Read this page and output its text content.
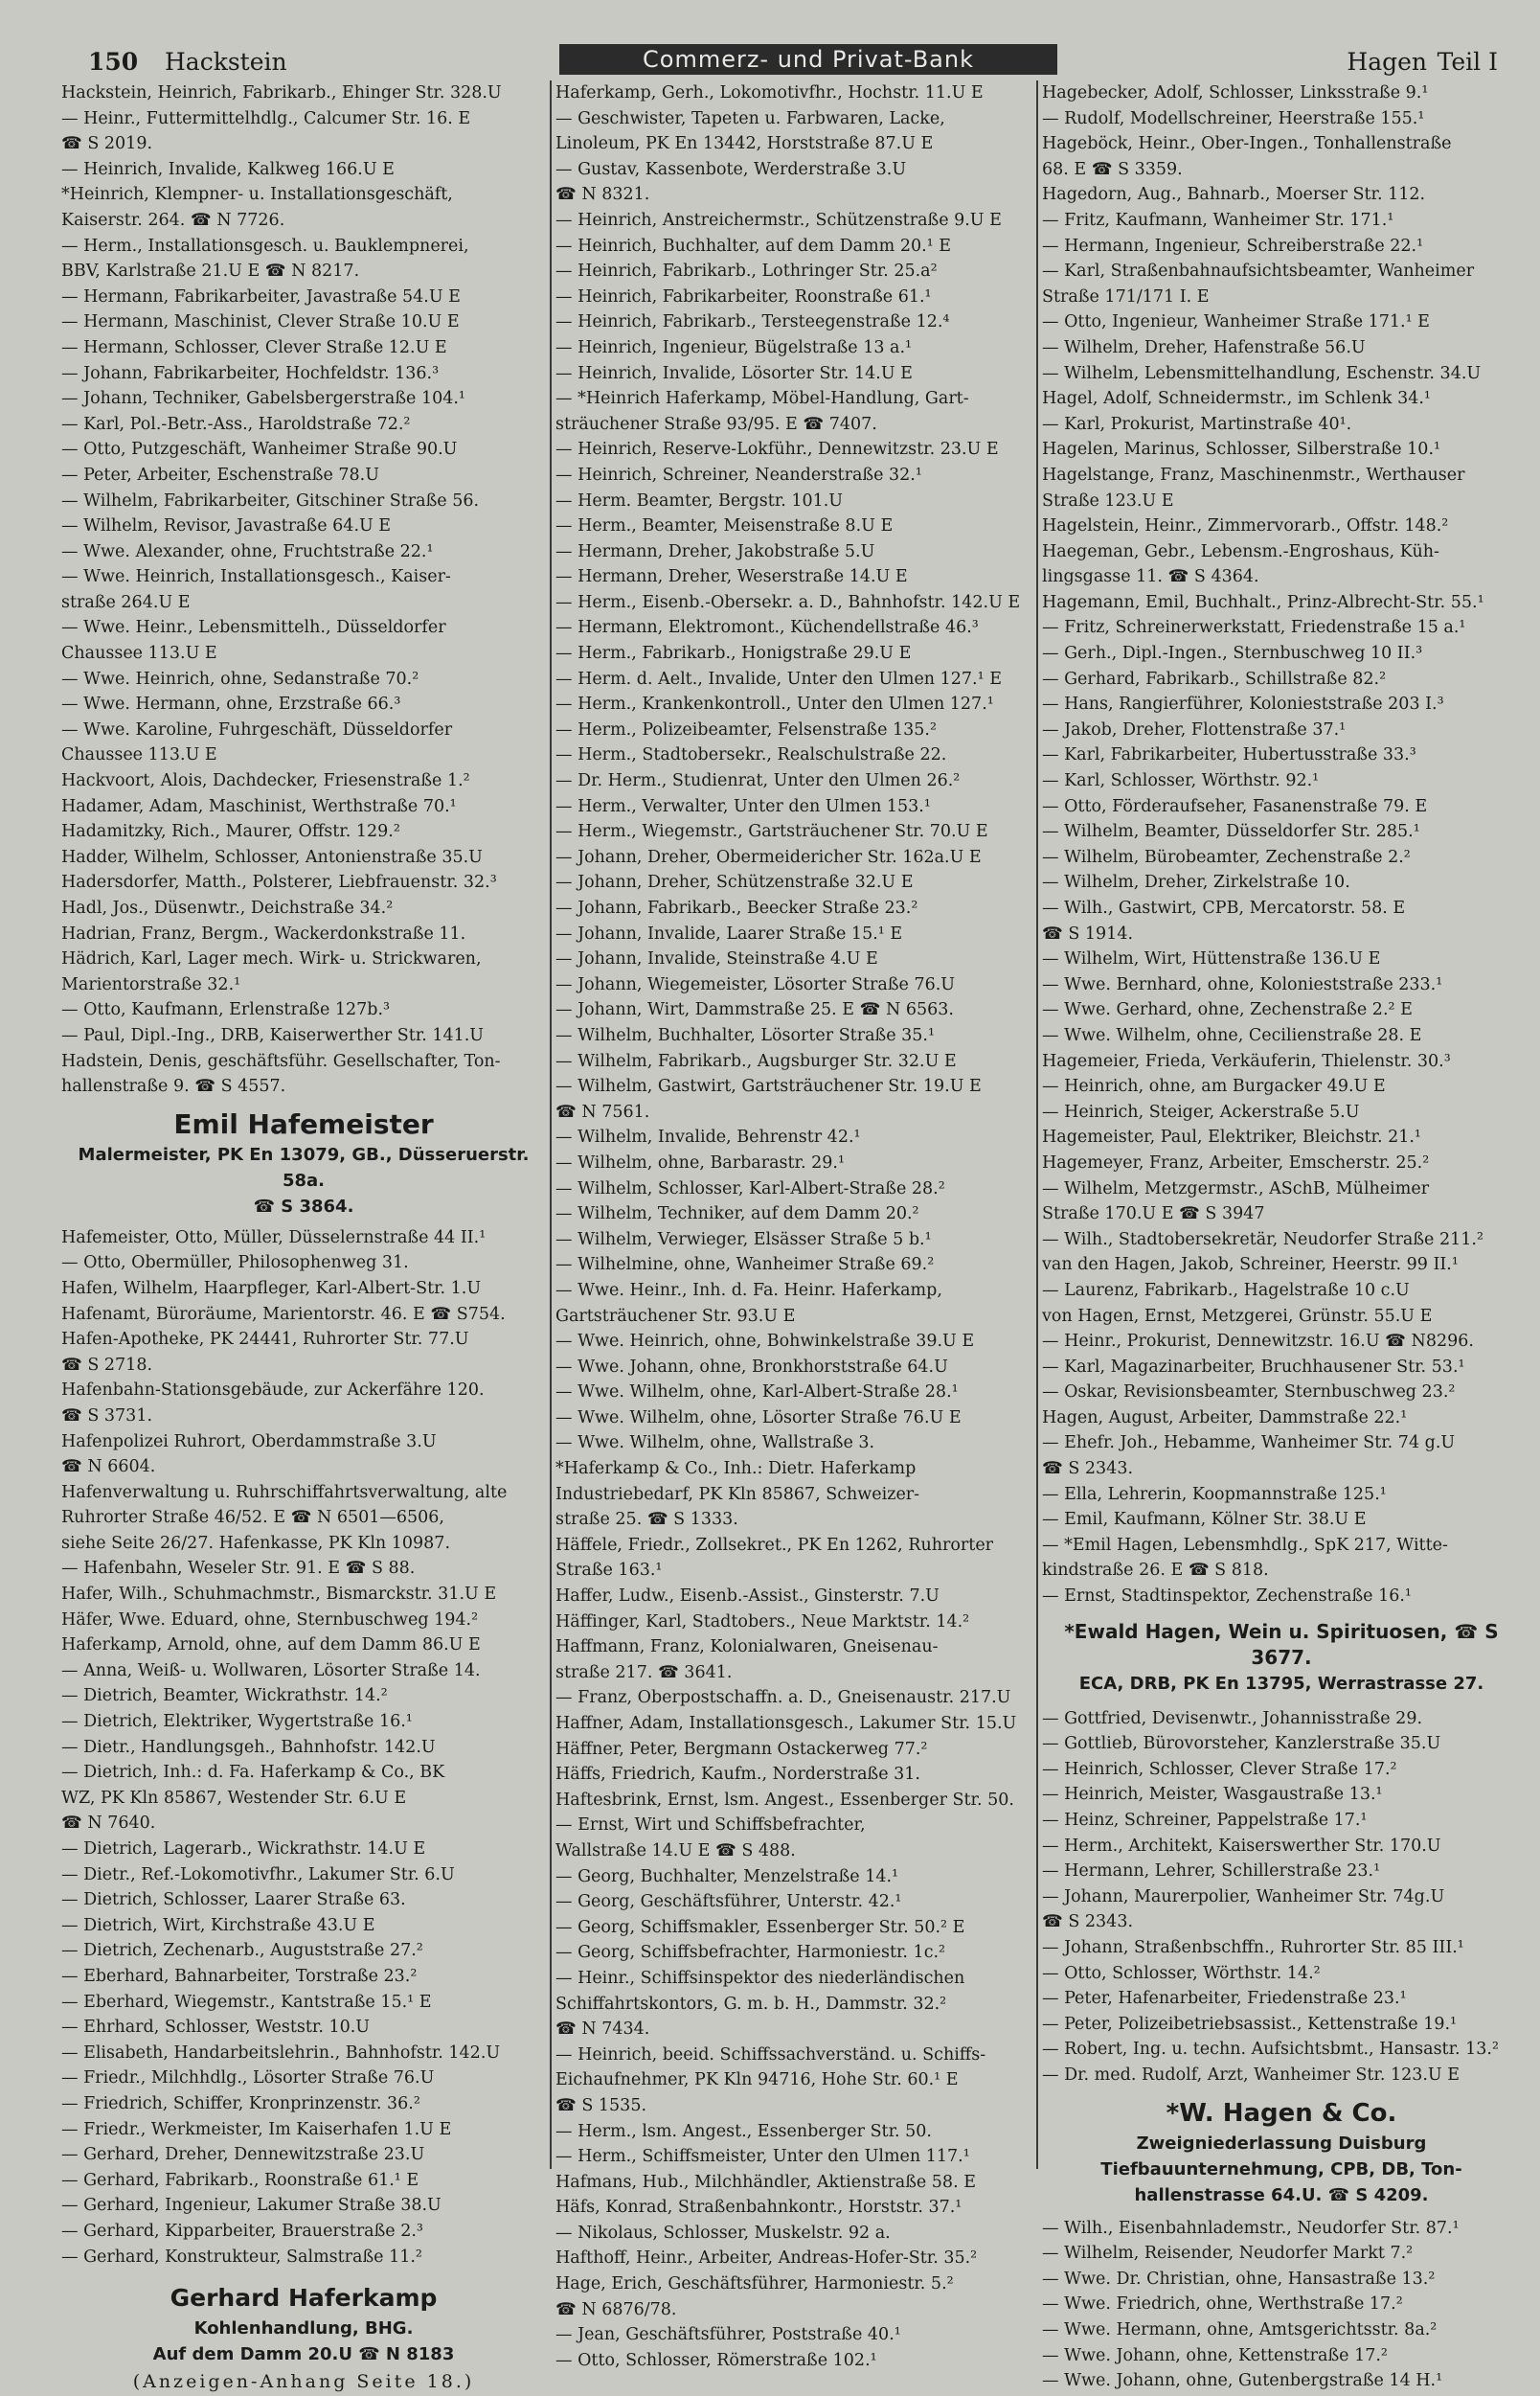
150 Hackstein	Commerz- und Privat-Bank	Hagen Teil I
Hackstein, Heinrich, Fabrikarb., Ehinger Str. 328.U
— Heinr., Futtermittelhdlg., Calcumer Str. 16. E
☎ S 2019.
— Heinrich, Invalide, Kalkweg 166.U E
*Heinrich, Klempner- u. Installationsgeschäft,
Kaiserstr. 264. ☎ N 7726.
— Herm., Installationsgesch. u. Bauklempnerei,
BBV, Karlstraße 21.U E ☎ N 8217.
— Hermann, Fabrikarbeiter, Javastraße 54.U E
— Hermann, Maschinist, Clever Straße 10.U E
— Hermann, Schlosser, Clever Straße 12.U E
— Johann, Fabrikarbeiter, Hochfeldstr. 136.³
— Johann, Techniker, Gabelsbergerstraße 104.¹
— Karl, Pol.-Betr.-Ass., Haroldstraße 72.²
— Otto, Putzgeschäft, Wanheimer Straße 90.U
— Peter, Arbeiter, Eschenstraße 78.U
— Wilhelm, Fabrikarbeiter, Gitschiner Straße 56.
— Wilhelm, Revisor, Javastraße 64.U E
— Wwe. Alexander, ohne, Fruchtstraße 22.¹
— Wwe. Heinrich, Installationsgesch., Kaiser-
straße 264.U E
— Wwe. Heinr., Lebensmittelh., Düsseldorfer
Chaussee 113.U E
— Wwe. Heinrich, ohne, Sedanstraße 70.²
— Wwe. Hermann, ohne, Erzstraße 66.³
— Wwe. Karoline, Fuhrgeschäft, Düsseldorfer
Chaussee 113.U E
Hackvoort, Alois, Dachdecker, Friesenstraße 1.²
Hadamer, Adam, Maschinist, Werthstraße 70.¹
Hadamitzky, Rich., Maurer, Offstr. 129.²
Hadder, Wilhelm, Schlosser, Antonienstraße 35.U
Hadersdorfer, Matth., Polsterer, Liebfrauenstr. 32.³
Hadl, Jos., Düsenwtr., Deichstraße 34.²
Hadrian, Franz, Bergm., Wackerdonkstraße 11.
Hädrich, Karl, Lager mech. Wirk- u. Strickwaren,
Marientorstraße 32.¹
— Otto, Kaufmann, Erlenstraße 127b.³
— Paul, Dipl.-Ing., DRB, Kaiserwerther Str. 141.U
Hadstein, Denis, geschäftsführ. Gesellschafter, Ton-
hallenstraße 9. ☎ S 4557.
Emil Hafemeister
Malermeister, PK En 13079, GB., Düsseruerstr. 58a.
☎ S 3864.
Hafemeister, Otto, Müller, Düsselernstraße 44 II.¹
— Otto, Obermüller, Philosophenweg 31.
Hafen, Wilhelm, Haarpfleger, Karl-Albert-Str. 1.U
Hafenamt, Büroräume, Marientorstr. 46. E ☎ S754.
Hafen-Apotheke, PK 24441, Ruhrorter Str. 77.U
☎ S 2718.
Hafenbahn-Stationsgebäude, zur Ackerfähre 120.
☎ S 3731.
Hafenpolizei Ruhrort, Oberdammstraße 3.U
☎ N 6604.
Hafenverwaltung u. Ruhrschiffahrtsverwaltung, alte
Ruhrorter Straße 46/52. E ☎ N 6501—6506,
siehe Seite 26/27. Hafenkasse, PK Kln 10987.
— Hafenbahn, Weseler Str. 91. E ☎ S 88.
Hafer, Wilh., Schuhmachmstr., Bismarckstr. 31.U E
Häfer, Wwe. Eduard, ohne, Sternbuschweg 194.²
Haferkamp, Arnold, ohne, auf dem Damm 86.U E
— Anna, Weiß- u. Wollwaren, Lösorter Straße 14.
— Dietrich, Beamter, Wickrathstr. 14.²
— Dietrich, Elektriker, Wygertstraße 16.¹
— Dietr., Handlungsgeh., Bahnhofstr. 142.U
— Dietrich, Inh.: d. Fa. Haferkamp & Co., BK
WZ, PK Kln 85867, Westender Str. 6.U E
☎ N 7640.
— Dietrich, Lagerarb., Wickrathstr. 14.U E
— Dietr., Ref.-Lokomotivfhr., Lakumer Str. 6.U
— Dietrich, Schlosser, Laarer Straße 63.
— Dietrich, Wirt, Kirchstraße 43.U E
— Dietrich, Zechenarb., Auguststraße 27.²
— Eberhard, Bahnarbeiter, Torstraße 23.²
— Eberhard, Wiegemstr., Kantstraße 15.¹ E
— Ehrhard, Schlosser, Weststr. 10.U
— Elisabeth, Handarbeitslehrin., Bahnhofstr. 142.U
— Friedr., Milchhdlg., Lösorter Straße 76.U
— Friedrich, Schiffer, Kronprinzenstr. 36.²
— Friedr., Werkmeister, Im Kaiserhafen 1.U E
— Gerhard, Dreher, Dennewitzstraße 23.U
— Gerhard, Fabrikarb., Roonstraße 61.¹ E
— Gerhard, Ingenieur, Lakumer Straße 38.U
— Gerhard, Kipparbeiter, Brauerstraße 2.³
— Gerhard, Konstrukteur, Salmstraße 11.²
Gerhard Haferkamp
Kohlenhandlung, BHG.
Auf dem Damm 20.U ☎ N 8183
(Anzeigen-Anhang Seite 18.)
Haferkamp, Gerh., Lokomotivfhr., Hochstr. 11.U E
— Geschwister, Tapeten u. Farbwaren, Lacke,
Linoleum, PK En 13442, Horststraße 87.U E
— Gustav, Kassenbote, Werderstraße 3.U
☎ N 8321.
— Heinrich, Anstreichermstr., Schützenstraße 9.U E
— Heinrich, Buchhalter, auf dem Damm 20.¹ E
— Heinrich, Fabrikarb., Lothringer Str. 25.a²
— Heinrich, Fabrikarbeiter, Roonstraße 61.¹
— Heinrich, Fabrikarb., Tersteegenstraße 12.⁴
— Heinrich, Ingenieur, Bügelstraße 13 a.¹
— Heinrich, Invalide, Lösorter Str. 14.U E
— *Heinrich Haferkamp, Möbel-Handlung, Gart-
sträuchener Straße 93/95. E ☎ 7407.
— Heinrich, Reserve-Lokführ., Dennewitzstr. 23.U E
— Heinrich, Schreiner, Neanderstraße 32.¹
— Herm. Beamter, Bergstr. 101.U
— Herm., Beamter, Meisenstraße 8.U E
— Hermann, Dreher, Jakobstraße 5.U
— Hermann, Dreher, Weserstraße 14.U E
— Herm., Eisenb.-Obersekr. a. D., Bahnhofstr. 142.U E
— Hermann, Elektromont., Küchendellstraße 46.³
— Herm., Fabrikarb., Honigstraße 29.U E
— Herm. d. Aelt., Invalide, Unter den Ulmen 127.¹ E
— Herm., Krankenkontroll., Unter den Ulmen 127.¹
— Herm., Polizeibeamter, Felsenstraße 135.²
— Herm., Stadtobersekr., Realschulstraße 22.
— Dr. Herm., Studienrat, Unter den Ulmen 26.²
— Herm., Verwalter, Unter den Ulmen 153.¹
— Herm., Wiegemstr., Gartsträuchener Str. 70.U E
— Johann, Dreher, Obermeidericher Str. 162a.U E
— Johann, Dreher, Schützenstraße 32.U E
— Johann, Fabrikarb., Beecker Straße 23.²
— Johann, Invalide, Laarer Straße 15.¹ E
— Johann, Invalide, Steinstraße 4.U E
— Johann, Wiegemeister, Lösorter Straße 76.U
— Johann, Wirt, Dammstraße 25. E ☎ N 6563.
— Wilhelm, Buchhalter, Lösorter Straße 35.¹
— Wilhelm, Fabrikarb., Augsburger Str. 32.U E
— Wilhelm, Gastwirt, Gartsträuchener Str. 19.U E
☎ N 7561.
— Wilhelm, Invalide, Behrenstr 42.¹
— Wilhelm, ohne, Barbarastr. 29.¹
— Wilhelm, Schlosser, Karl-Albert-Straße 28.²
— Wilhelm, Techniker, auf dem Damm 20.²
— Wilhelm, Verwieger, Elsässer Straße 5 b.¹
— Wilhelmine, ohne, Wanheimer Straße 69.²
— Wwe. Heinr., Inh. d. Fa. Heinr. Haferkamp,
Gartsträuchener Str. 93.U E
— Wwe. Heinrich, ohne, Bohwinkelstraße 39.U E
— Wwe. Johann, ohne, Bronkhorststraße 64.U
— Wwe. Wilhelm, ohne, Karl-Albert-Straße 28.¹
— Wwe. Wilhelm, ohne, Lösorter Straße 76.U E
— Wwe. Wilhelm, ohne, Wallstraße 3.
*Haferkamp & Co., Inh.: Dietr. Haferkamp
Industriebedarf, PK Kln 85867, Schweizer-
straße 25. ☎ S 1333.
Häffele, Friedr., Zollsekret., PK En 1262, Ruhrorter
Straße 163.¹
Haffer, Ludw., Eisenb.-Assist., Ginsterstr. 7.U
Häffinger, Karl, Stadtobers., Neue Marktstr. 14.²
Haffmann, Franz, Kolonialwaren, Gneisenau-
straße 217. ☎ 3641.
— Franz, Oberpostschaffn. a. D., Gneisenaustr. 217.U
Haffner, Adam, Installationsgesch., Lakumer Str. 15.U
Häffner, Peter, Bergmann Ostackerweg 77.²
Häffs, Friedrich, Kaufm., Norderstraße 31.
Haftesbrink, Ernst, lsm. Angest., Essenberger Str. 50.
— Ernst, Wirt und Schiffsbefrachter,
Wallstraße 14.U E ☎ S 488.
— Georg, Buchhalter, Menzelstraße 14.¹
— Georg, Geschäftsführer, Unterstr. 42.¹
— Georg, Schiffsmakler, Essenberger Str. 50.² E
— Georg, Schiffsbefrachter, Harmoniestr. 1c.²
— Heinr., Schiffsinspektor des niederländischen
Schiffahrtskontors, G. m. b. H., Dammstr. 32.²
☎ N 7434.
— Heinrich, beeid. Schiffssachverständ. u. Schiffs-
Eichaufnehmer, PK Kln 94716, Hohe Str. 60.¹ E
☎ S 1535.
— Herm., lsm. Angest., Essenberger Str. 50.
— Herm., Schiffsmeister, Unter den Ulmen 117.¹
Hafmans, Hub., Milchhändler, Aktienstraße 58. E
Häfs, Konrad, Straßenbahnkontr., Horststr. 37.¹
— Nikolaus, Schlosser, Muskelstr. 92 a.
Hafthoff, Heinr., Arbeiter, Andreas-Hofer-Str. 35.²
Hage, Erich, Geschäftsführer, Harmoniestr. 5.²
☎ N 6876/78.
— Jean, Geschäftsführer, Poststraße 40.¹
— Otto, Schlosser, Römerstraße 102.¹
Hagebecker, Adolf, Schlosser, Linksstraße 9.¹
— Rudolf, Modellschreiner, Heerstraße 155.¹
Hageböck, Heinr., Ober-Ingen., Tonhallenstraße
68. E ☎ S 3359.
Hagedorn, Aug., Bahnarb., Moerser Str. 112.
— Fritz, Kaufmann, Wanheimer Str. 171.¹
— Hermann, Ingenieur, Schreiberstraße 22.¹
— Karl, Straßenbahnaufsichtsbeamter, Wanheimer
Straße 171/171 I. E
— Otto, Ingenieur, Wanheimer Straße 171.¹ E
— Wilhelm, Dreher, Hafenstraße 56.U
— Wilhelm, Lebensmittelhandlung, Eschenstr. 34.U
Hagel, Adolf, Schneidermstr., im Schlenk 34.¹
— Karl, Prokurist, Martinstraße 40¹.
Hagelen, Marinus, Schlosser, Silberstraße 10.¹
Hagelstange, Franz, Maschinenmstr., Werthauser
Straße 123.U E
Hagelstein, Heinr., Zimmervorarb., Offstr. 148.²
Haegeman, Gebr., Lebensm.-Engroshaus, Küh-
lingsgasse 11. ☎ S 4364.
Hagemann, Emil, Buchhalt., Prinz-Albrecht-Str. 55.¹
— Fritz, Schreinerwerkstatt, Friedenstraße 15 a.¹
— Gerh., Dipl.-Ingen., Sternbuschweg 10 II.³
— Gerhard, Fabrikarb., Schillstraße 82.²
— Hans, Rangierführer, Kolonieststraße 203 I.³
— Jakob, Dreher, Flottenstraße 37.¹
— Karl, Fabrikarbeiter, Hubertusstraße 33.³
— Karl, Schlosser, Wörthstr. 92.¹
— Otto, Förderaufseher, Fasanenstraße 79. E
— Wilhelm, Beamter, Düsseldorfer Str. 285.¹
— Wilhelm, Bürobeamter, Zechenstraße 2.²
— Wilhelm, Dreher, Zirkelstraße 10.
— Wilh., Gastwirt, CPB, Mercatorstr. 58. E
☎ S 1914.
— Wilhelm, Wirt, Hüttenstraße 136.U E
— Wwe. Bernhard, ohne, Kolonieststraße 233.¹
— Wwe. Gerhard, ohne, Zechenstraße 2.² E
— Wwe. Wilhelm, ohne, Cecilienstraße 28. E
Hagemeier, Frieda, Verkäuferin, Thielenstr. 30.³
— Heinrich, ohne, am Burgacker 49.U E
— Heinrich, Steiger, Ackerstraße 5.U
Hagemeister, Paul, Elektriker, Bleichstr. 21.¹
Hagemeyer, Franz, Arbeiter, Emscherstr. 25.²
— Wilhelm, Metzgermstr., ASchB, Mülheimer
Straße 170.U E ☎ S 3947
— Wilh., Stadtobersekretär, Neudorfer Straße 211.²
van den Hagen, Jakob, Schreiner, Heerstr. 99 II.¹
— Laurenz, Fabrikarb., Hagelstraße 10 c.U
von Hagen, Ernst, Metzgerei, Grünstr. 55.U E
— Heinr., Prokurist, Dennewitzstr. 16.U ☎ N8296.
— Karl, Magazinarbeiter, Bruchhausener Str. 53.¹
— Oskar, Revisionsbeamter, Sternbuschweg 23.²
Hagen, August, Arbeiter, Dammstraße 22.¹
— Ehefr. Joh., Hebamme, Wanheimer Str. 74 g.U
☎ S 2343.
— Ella, Lehrerin, Koopmannstraße 125.¹
— Emil, Kaufmann, Kölner Str. 38.U E
— *Emil Hagen, Lebensmhdlg., SpK 217, Witte-
kindstraße 26. E ☎ S 818.
— Ernst, Stadtinspektor, Zechenstraße 16.¹
*Ewald Hagen, Wein u. Spirituosen, ☎ S 3677.
ECA, DRB, PK En 13795, Werrastrasse 27.
— Gottfried, Devisenwtr., Johannisstraße 29.
— Gottlieb, Bürovorsteher, Kanzlerstraße 35.U
— Heinrich, Schlosser, Clever Straße 17.²
— Heinrich, Meister, Wasgaustraße 13.¹
— Heinz, Schreiner, Pappelstraße 17.¹
— Herm., Architekt, Kaiserswerther Str. 170.U
— Hermann, Lehrer, Schillerstraße 23.¹
— Johann, Maurerpolier, Wanheimer Str. 74g.U
☎ S 2343.
— Johann, Straßenbschffn., Ruhrorter Str. 85 III.¹
— Otto, Schlosser, Wörthstr. 14.²
— Peter, Hafenarbeiter, Friedenstraße 23.¹
— Peter, Polizeibetriebsassist., Kettenstraße 19.¹
— Robert, Ing. u. techn. Aufsichtsbmt., Hansastr. 13.²
— Dr. med. Rudolf, Arzt, Wanheimer Str. 123.U E
*W. Hagen & Co.
Zweigniederlassung Duisburg
Tiefbauunternehmung, CPB, DB, Ton-
hallenstrasse 64.U. ☎ S 4209.
— Wilh., Eisenbahnlademstr., Neudorfer Str. 87.¹
— Wilhelm, Reisender, Neudorfer Markt 7.²
— Wwe. Dr. Christian, ohne, Hansastraße 13.²
— Wwe. Friedrich, ohne, Werthstraße 17.²
— Wwe. Hermann, ohne, Amtsgerichtsstr. 8a.²
— Wwe. Johann, ohne, Kettenstraße 17.²
— Wwe. Johann, ohne, Gutenbergstraße 14 H.¹
